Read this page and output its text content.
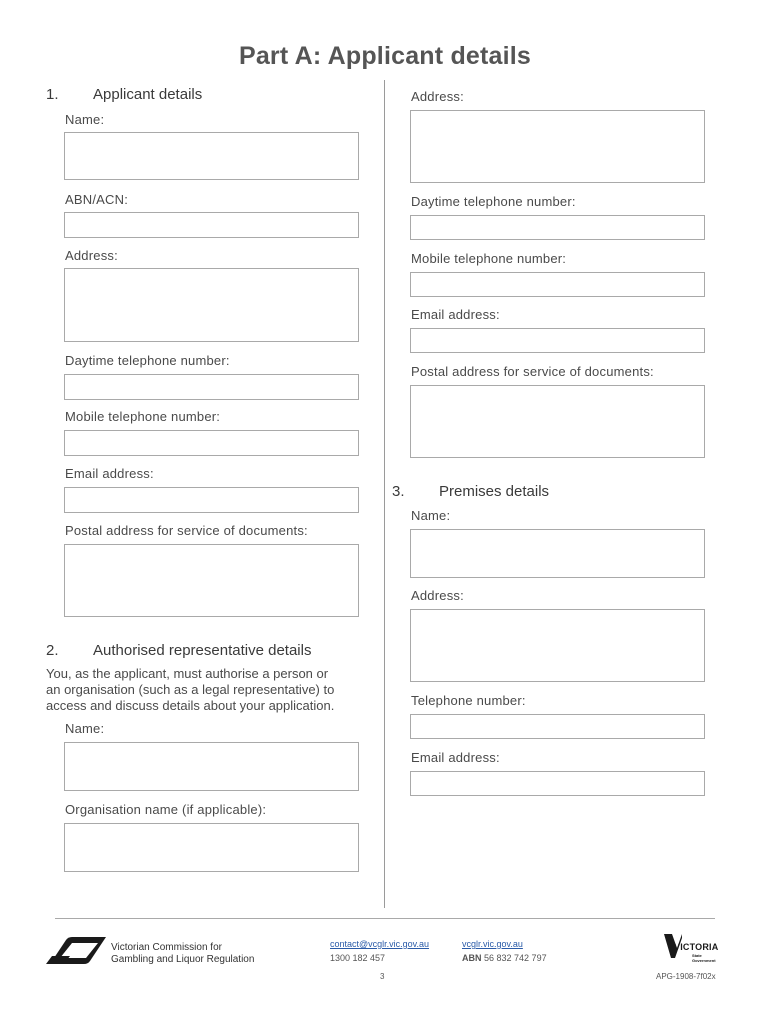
Part A: Applicant details
1. Applicant details
Name:
ABN/ACN:
Address:
Daytime telephone number:
Mobile telephone number:
Email address:
Postal address for service of documents:
2. Authorised representative details
You, as the applicant, must authorise a person or
an organisation (such as a legal representative) to
access and discuss details about your application.
Name:
Organisation name (if applicable):
Address:
Daytime telephone number:
Mobile telephone number:
Email address:
Postal address for service of documents:
3. Premises details
Name:
Address:
Telephone number:
Email address:
Victorian Commission for
Gambling and Liquor Regulation
contact@vcglr.vic.gov.au
1300 182 457
vcglr.vic.gov.au
ABN 56 832 742 797
3
VICTORIA
State
Government
APG-1908-7f02x
